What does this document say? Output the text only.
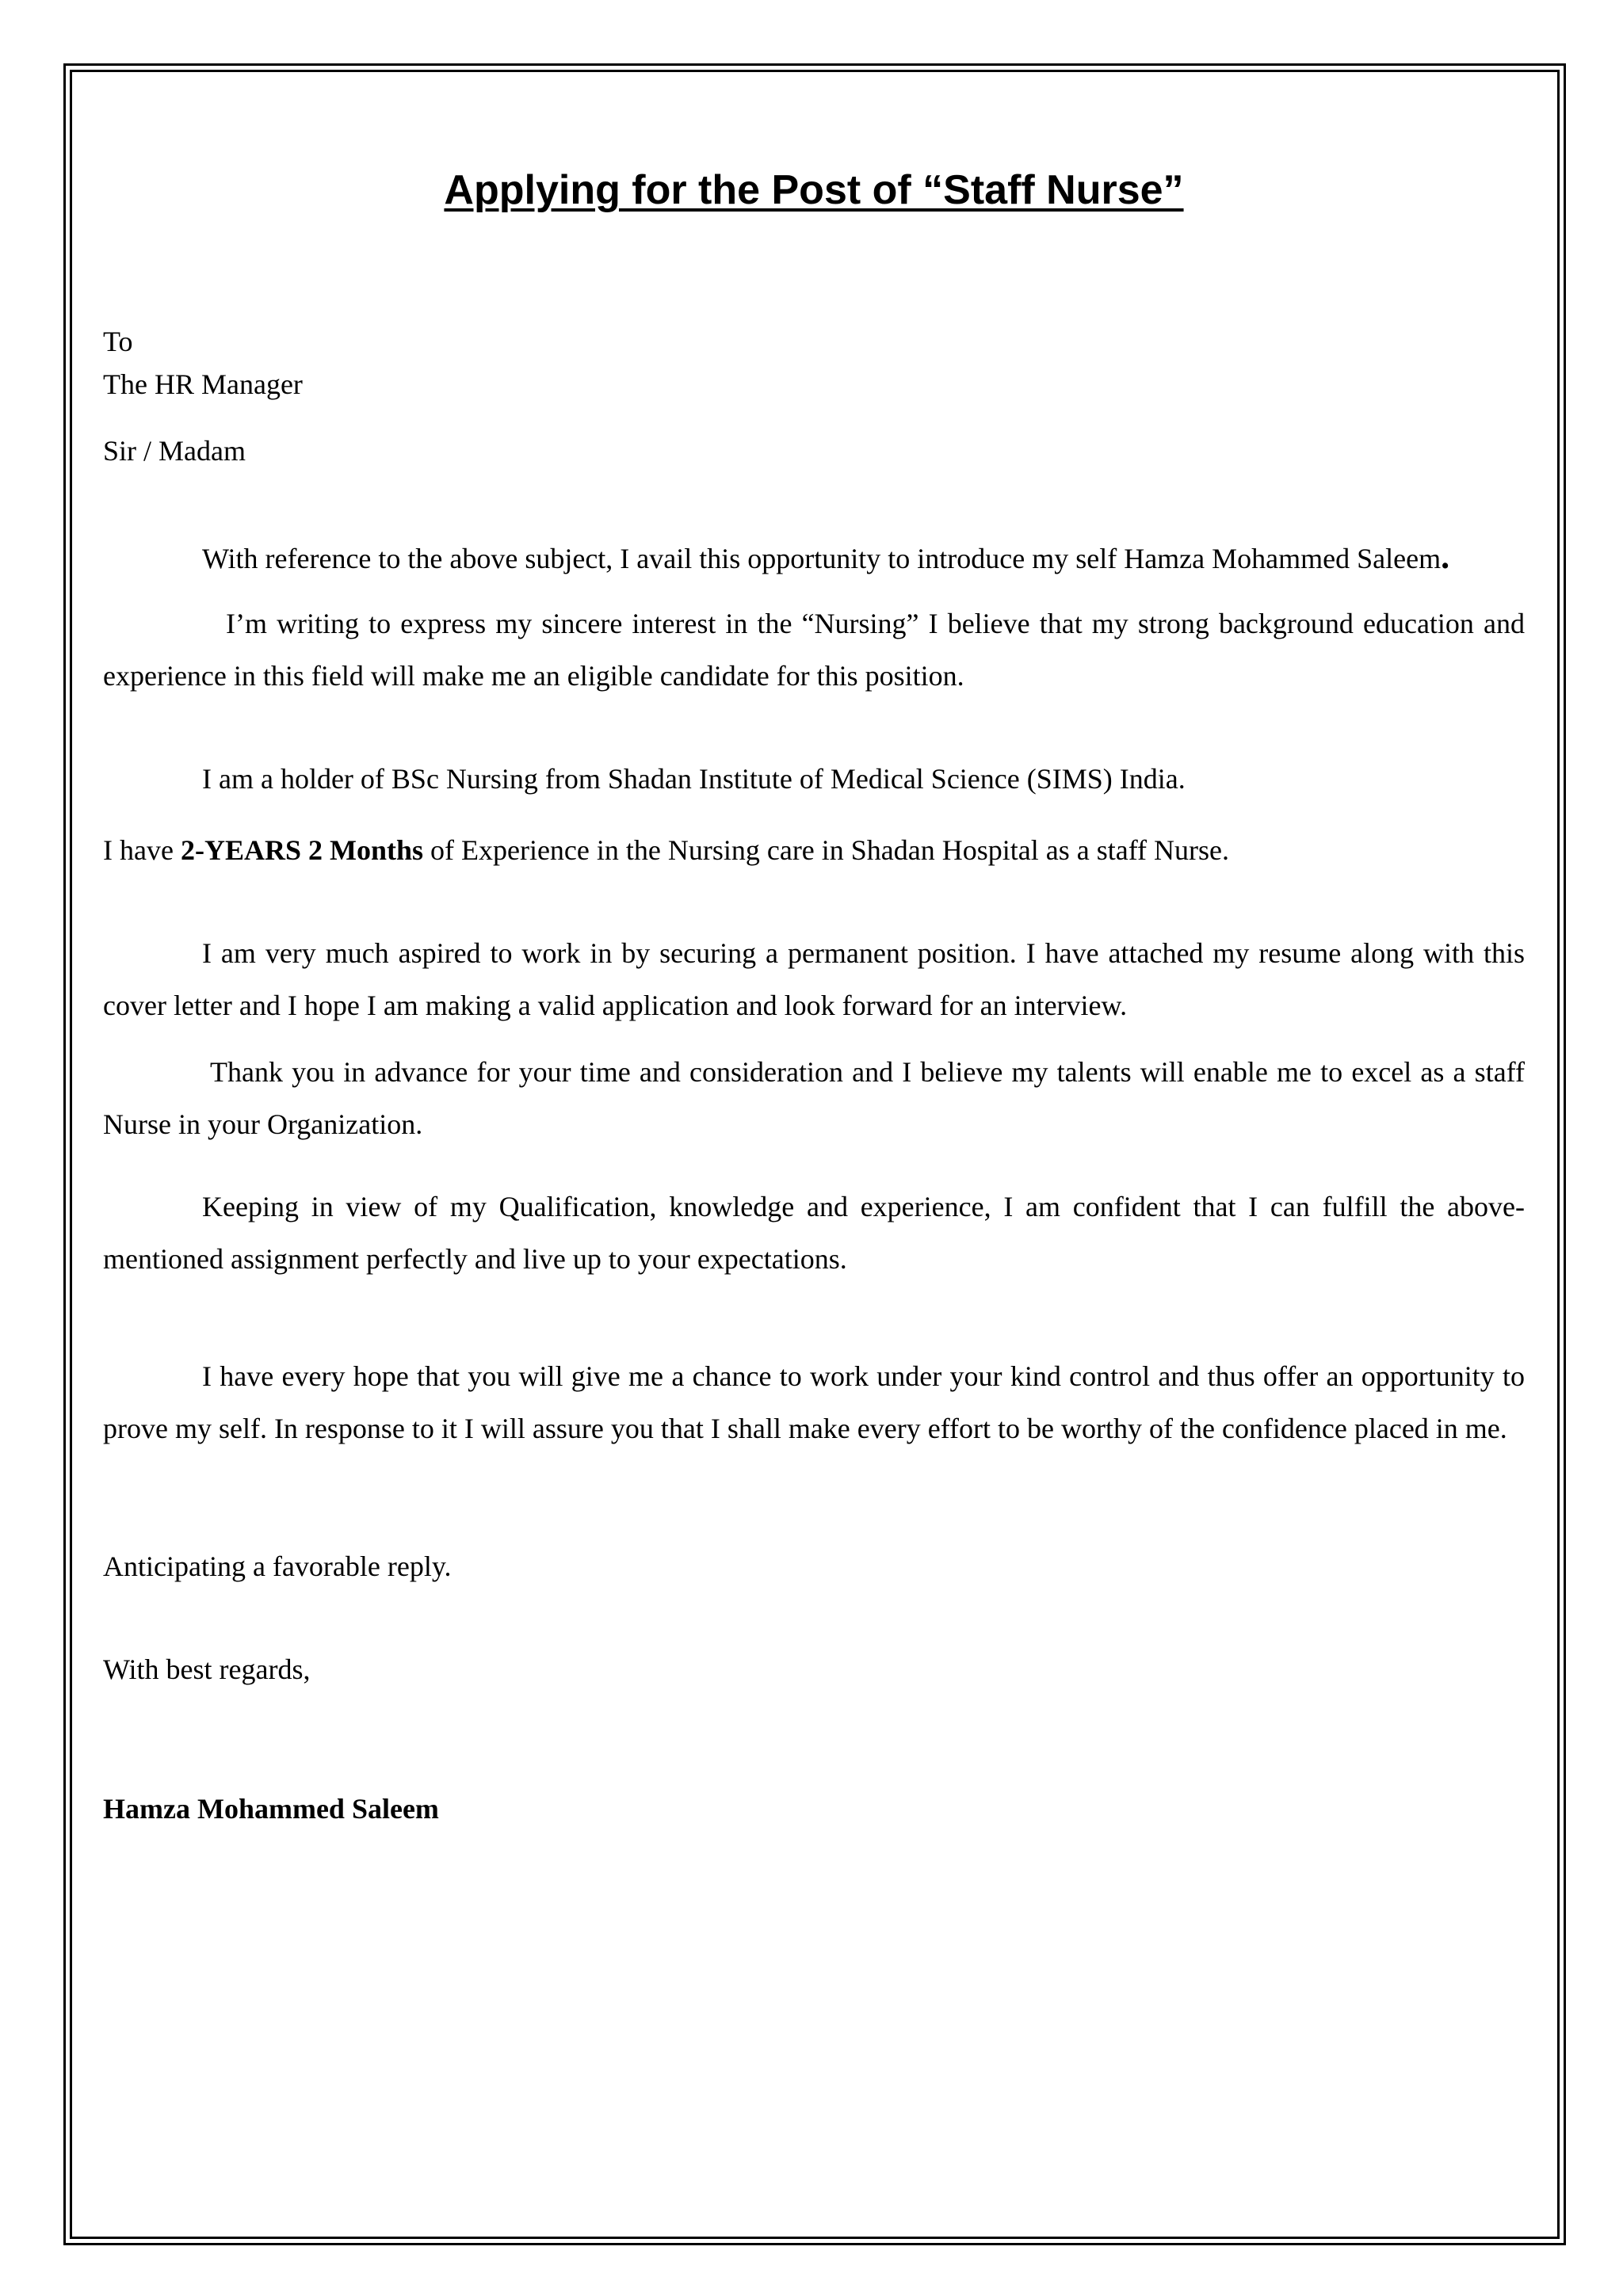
Applying for the Post of “Staff Nurse”

To

The HR Manager

Sir / Madam

With reference to the above subject, I avail this opportunity to introduce my self Hamza Mohammed Saleem.

I’m writing to express my sincere interest in the “Nursing” I believe that my strong background education and experience in this field will make me an eligible candidate for this position.

I am a holder of BSc Nursing from Shadan Institute of Medical Science (SIMS) India.

I have 2-YEARS 2 Months of Experience in the Nursing care in Shadan Hospital as a staff Nurse.

I am very much aspired to work in by securing a permanent position. I have attached my resume along with this cover letter and I hope I am making a valid application and look forward for an interview.

Thank you in advance for your time and consideration and I believe my talents will enable me to excel as a staff Nurse in your Organization.

Keeping in view of my Qualification, knowledge and experience, I am confident that I can fulfill the above-mentioned assignment perfectly and live up to your expectations.

I have every hope that you will give me a chance to work under your kind control and thus offer an opportunity to prove my self. In response to it I will assure you that I shall make every effort to be worthy of the confidence placed in me.

Anticipating a favorable reply.

With best regards,

Hamza Mohammed Saleem
